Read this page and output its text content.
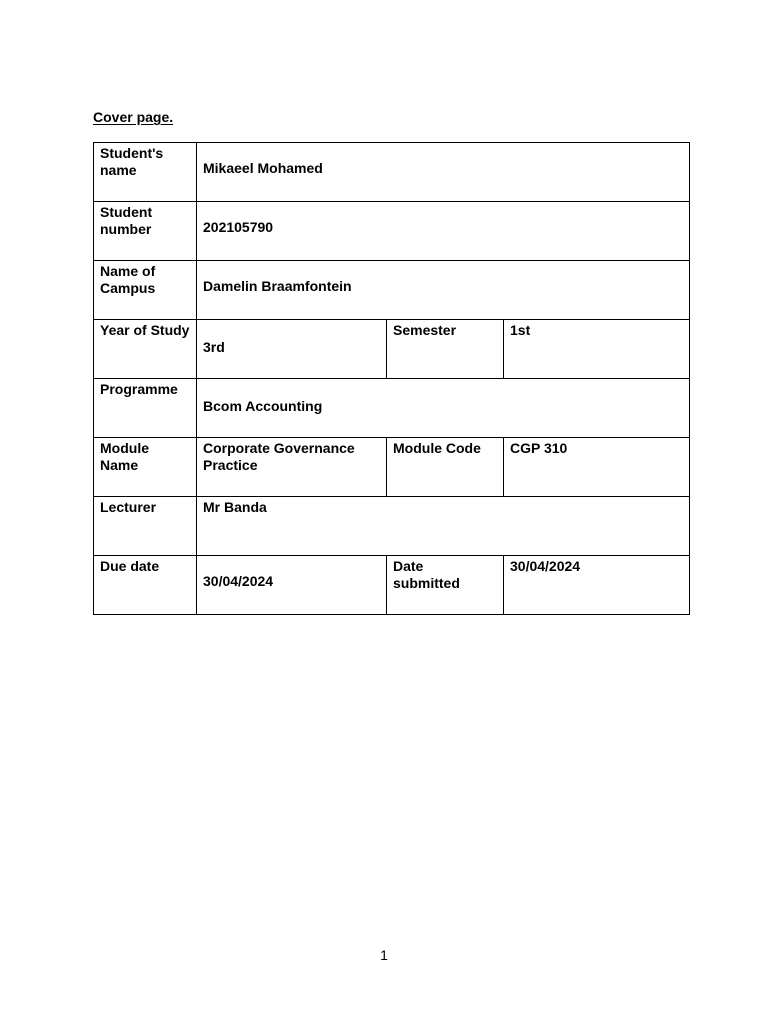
Cover page.

Student's name	Mikaeel Mohamed		

Student number	202105790		

Name of Campus	Damelin Braamfontein		

Year of Study	3rd	Semester	1st

Programme	Bcom Accounting		

Module Name	Corporate Governance Practice	Module Code	CGP 310

Lecturer	Mr Banda		

Due date	30/04/2024	Date submitted	30/04/2024
1
